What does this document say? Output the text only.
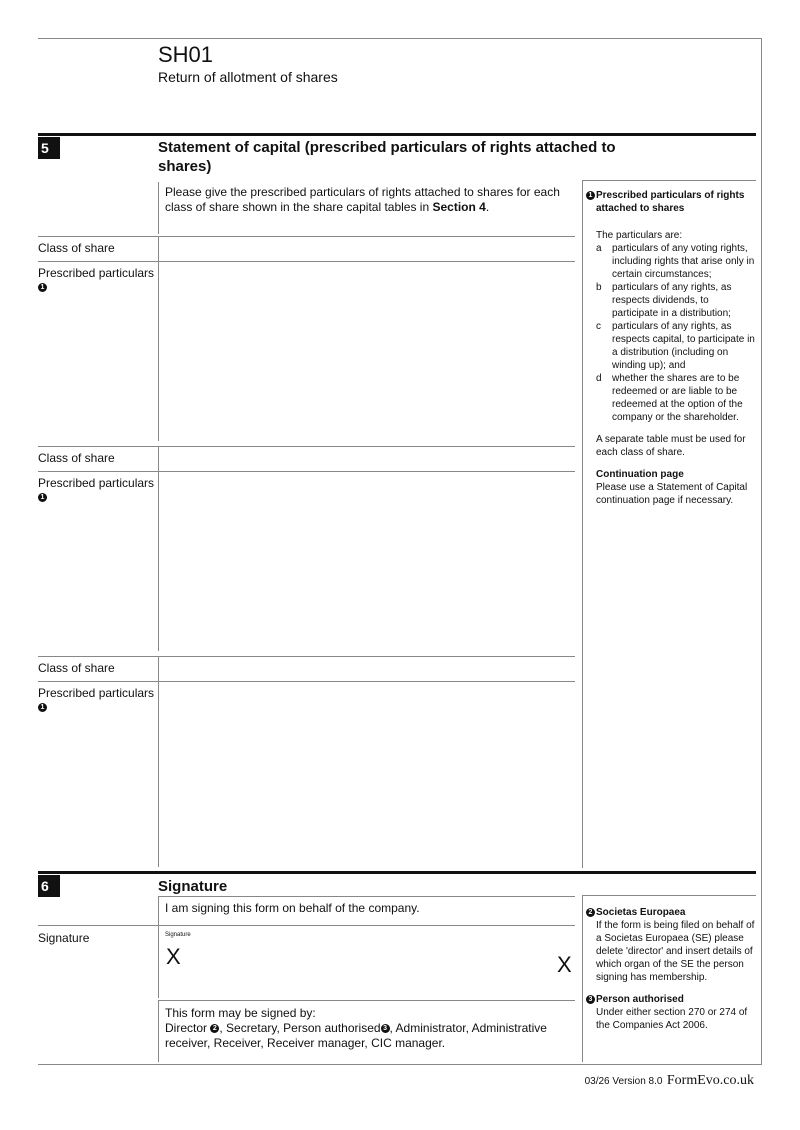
SH01
Return of allotment of shares
5	Statement of capital (prescribed particulars of rights attached to shares)
Please give the prescribed particulars of rights attached to shares for each class of share shown in the share capital tables in Section 4.
Class of share
Prescribed particulars
1
Class of share
Prescribed particulars
1
Class of share
Prescribed particulars
1
1 Prescribed particulars of rights attached to shares
The particulars are:
a particulars of any voting rights, including rights that arise only in certain circumstances;
b particulars of any rights, as respects dividends, to participate in a distribution;
c particulars of any rights, as respects capital, to participate in a distribution (including on winding up); and
d whether the shares are to be redeemed or are liable to be redeemed at the option of the company or the shareholder.
A separate table must be used for each class of share.
Continuation page
Please use a Statement of Capital continuation page if necessary.
6	Signature
I am signing this form on behalf of the company.
Signature	Signature
X	X
This form may be signed by:
Director 2 , Secretary, Person authorised 3 , Administrator, Administrative receiver, Receiver, Receiver manager, CIC manager.
2 Societas Europaea
If the form is being filed on behalf of a Societas Europaea (SE) please delete 'director' and insert details of which organ of the SE the person signing has membership.
3 Person authorised
Under either section 270 or 274 of the Companies Act 2006.
03/26 Version 8.0 FormEvo.co.uk
